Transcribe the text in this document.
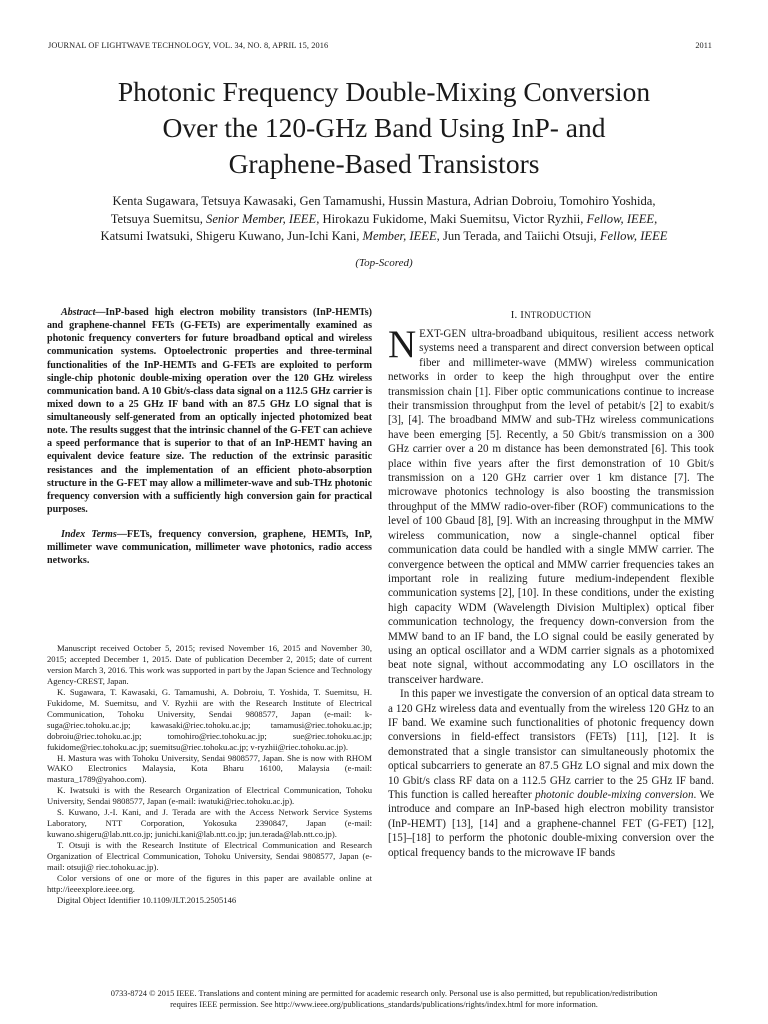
JOURNAL OF LIGHTWAVE TECHNOLOGY, VOL. 34, NO. 8, APRIL 15, 2016	2011
Photonic Frequency Double-Mixing Conversion
Over the 120-GHz Band Using InP- and
Graphene-Based Transistors
Kenta Sugawara, Tetsuya Kawasaki, Gen Tamamushi, Hussin Mastura, Adrian Dobroiu, Tomohiro Yoshida,
Tetsuya Suemitsu, Senior Member, IEEE, Hirokazu Fukidome, Maki Suemitsu, Victor Ryzhii, Fellow, IEEE,
Katsumi Iwatsuki, Shigeru Kuwano, Jun-Ichi Kani, Member, IEEE, Jun Terada, and Taiichi Otsuji, Fellow, IEEE
(Top-Scored)

Abstract—InP-based high electron mobility transistors (InP-HEMTs) and graphene-channel FETs (G-FETs) are experimentally examined as photonic frequency converters for future broadband optical and wireless communication systems. Optoelectronic properties and three-terminal functionalities of the InP-HEMTs and G-FETs are exploited to perform single-chip photonic double-mixing operation over the 120 GHz wireless communication band. A 10 Gbit/s-class data signal on a 112.5 GHz carrier is mixed down to a 25 GHz IF band with an 87.5 GHz LO signal that is simultaneously self-generated from an optically injected photomized beat note. The results suggest that the intrinsic channel of the G-FET can achieve a speed performance that is superior to that of an InP-HEMT having an equivalent device feature size. The reduction of the extrinsic parasitic resistances and the implementation of an efficient photo-absorption structure in the G-FET may allow a millimeter-wave and sub-THz photonic frequency conversion with a sufficiently high conversion gain for practical purposes.

Index Terms—FETs, frequency conversion, graphene, HEMTs, InP, millimeter wave communication, millimeter wave photonics, radio access networks.

Manuscript received October 5, 2015; revised November 16, 2015 and November 30, 2015; accepted December 1, 2015. Date of publication December 2, 2015; date of current version March 3, 2016. This work was supported in part by the Japan Science and Technology Agency-CREST, Japan.

K. Sugawara, T. Kawasaki, G. Tamamushi, A. Dobroiu, T. Yoshida, T. Suemitsu, H. Fukidome, M. Suemitsu, and V. Ryzhii are with the Research Institute of Electrical Communication, Tohoku University, Sendai 9808577, Japan (e-mail: k-suga@riec.tohoku.ac.jp; kawasaki@riec.tohoku.ac.jp; tamamusi@riec.tohoku.ac.jp; dobroiu@riec.tohoku.ac.jp; tomohiro@riec.tohoku.ac.jp; sue@riec.tohoku.ac.jp; fukidome@riec.tohoku.ac.jp; suemitsu@riec.tohoku.ac.jp; v-ryzhii@riec.tohoku.ac.jp).

H. Mastura was with Tohoku University, Sendai 9808577, Japan. She is now with RHOM WAKO Electronics Malaysia, Kota Bharu 16100, Malaysia (e-mail: mastura_1789@yahoo.com).

K. Iwatsuki is with the Research Organization of Electrical Communication, Tohoku University, Sendai 9808577, Japan (e-mail: iwatuki@riec.tohoku.ac.jp).

S. Kuwano, J.-I. Kani, and J. Terada are with the Access Network Service Systems Laboratory, NTT Corporation, Yokosuka 2390847, Japan (e-mail: kuwano.shigeru@lab.ntt.co.jp; junichi.kani@lab.ntt.co.jp; jun.terada@lab.ntt.co.jp).

T. Otsuji is with the Research Institute of Electrical Communication and Research Organization of Electrical Communication, Tohoku University, Sendai 9808577, Japan (e-mail: otsuji@ riec.tohoku.ac.jp).

Color versions of one or more of the figures in this paper are available online at http://ieeexplore.ieee.org.

Digital Object Identifier 10.1109/JLT.2015.2505146

I. INTRODUCTION

NEXT-GEN ultra-broadband ubiquitous, resilient access network systems need a transparent and direct conversion between optical fiber and millimeter-wave (MMW) wireless communication networks in order to keep the high throughput over the entire transmission chain [1]. Fiber optic communications continue to increase their transmission throughput from the level of petabit/s [2] to exabit/s [3], [4]. The broadband MMW and sub-THz wireless communications have been emerging [5]. Recently, a 50 Gbit/s transmission on a 300 GHz carrier over a 20 m distance has been demonstrated [6]. This took place within five years after the first demonstration of 10 Gbit/s transmission on a 120 GHz carrier over 1 km distance [7]. The microwave photonics technology is also boosting the transmission throughput of the MMW radio-over-fiber (ROF) communications to the level of 100 Gbaud [8], [9]. With an increasing throughput in the MMW wireless communication, now a single-channel optical fiber communication data could be handled with a single MMW carrier. The convergence between the optical and MMW carrier frequencies takes an important role in realizing future medium-independent flexible communication systems [2], [10]. In these conditions, under the existing high capacity WDM (Wavelength Division Multiplex) optical fiber communication technology, the frequency down-conversion from the MMW band to an IF band, the LO signal could be easily generated by using an optical oscillator and a WDM carrier signals as a photomixed beat note signal, without accommodating any LO oscillators in the transceiver hardware.

In this paper we investigate the conversion of an optical data stream to a 120 GHz wireless data and eventually from the wireless 120 GHz to an IF band. We examine such functionalities of photonic frequency down conversions in field-effect transistors (FETs) [11], [12]. It is demonstrated that a single transistor can simultaneously photomix the optical subcarriers to generate an 87.5 GHz LO signal and mix down the 10 Gbit/s class RF data on a 112.5 GHz carrier to the 25 GHz IF band. This function is called hereafter photonic double-mixing conversion. We introduce and compare an InP-based high electron mobility transistor (InP-HEMT) [13], [14] and a graphene-channel FET (G-FET) [12], [15]–[18] to perform the photonic double-mixing conversion over the optical frequency bands to the microwave IF bands

0733-8724 © 2015 IEEE. Translations and content mining are permitted for academic research only. Personal use is also permitted, but republication/redistribution
requires IEEE permission. See http://www.ieee.org/publications_standards/publications/rights/index.html for more information.
